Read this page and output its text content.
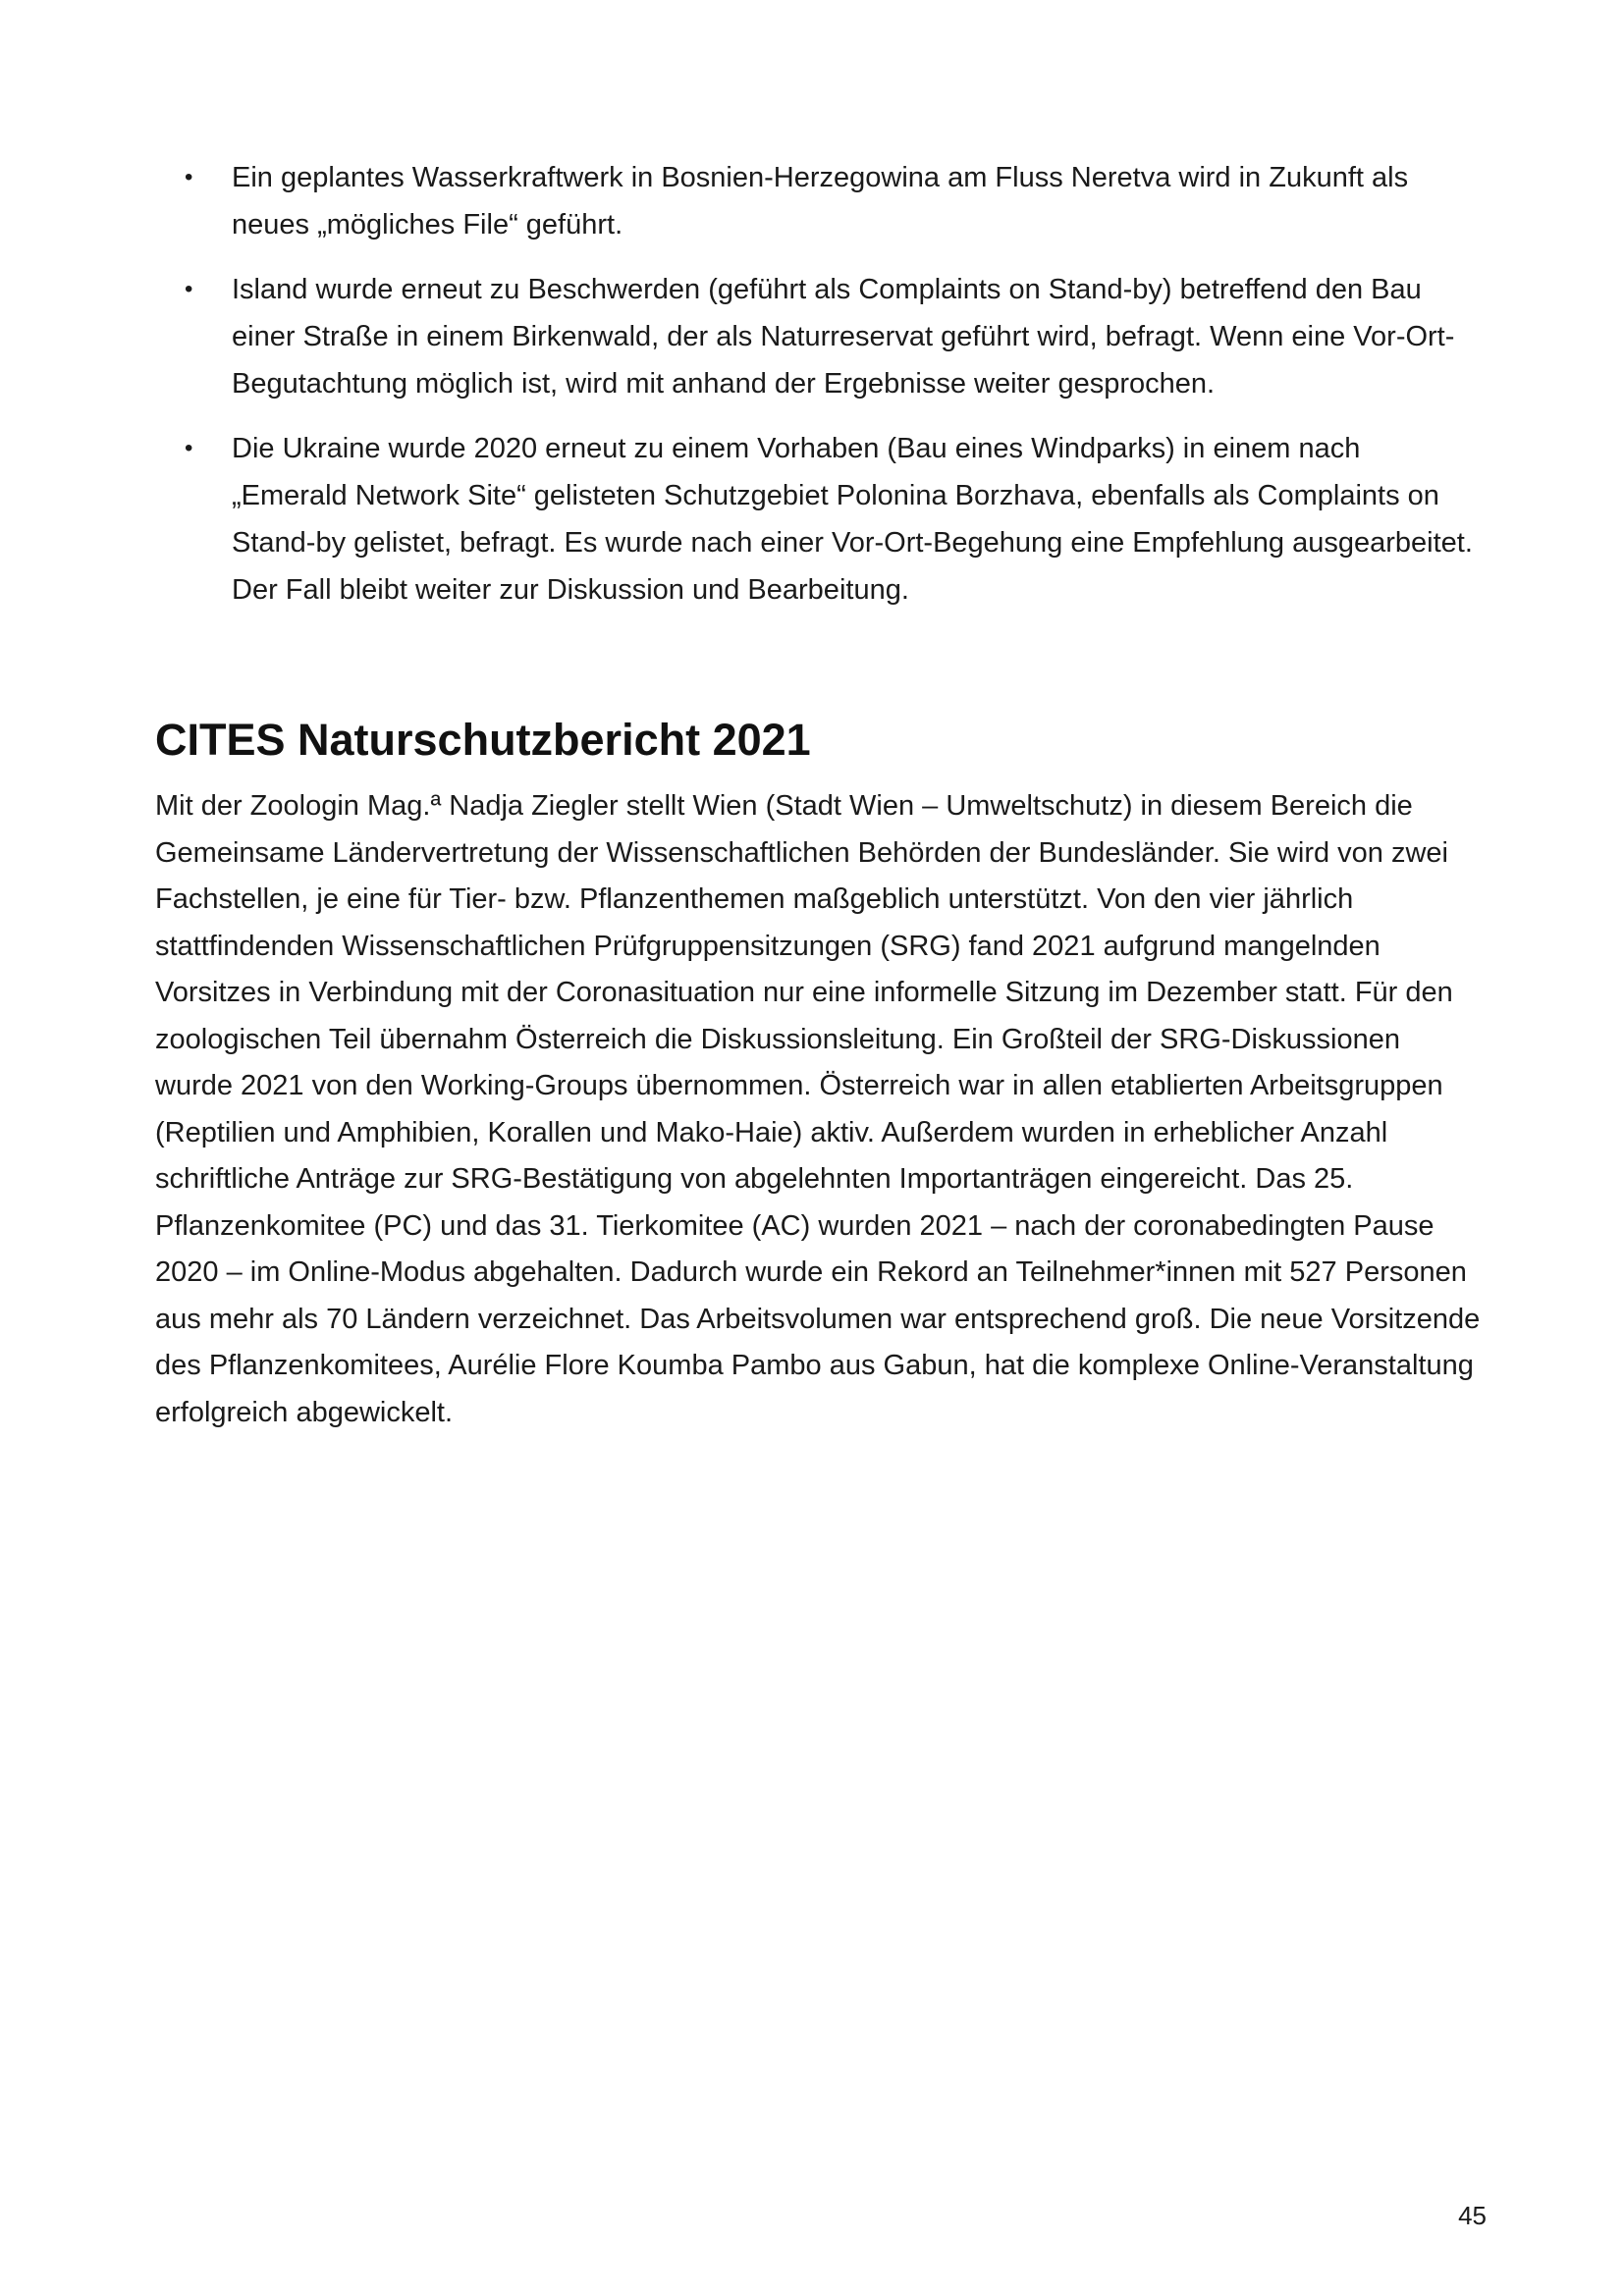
• Ein geplantes Wasserkraftwerk in Bosnien-Herzegowina am Fluss Neretva wird in Zukunft als neues „mögliches File“ geführt.
• Island wurde erneut zu Beschwerden (geführt als Complaints on Stand-by) betreffend den Bau einer Straße in einem Birkenwald, der als Naturreservat geführt wird, befragt. Wenn eine Vor-Ort-Begutachtung möglich ist, wird mit anhand der Ergebnisse weiter gesprochen.
• Die Ukraine wurde 2020 erneut zu einem Vorhaben (Bau eines Windparks) in einem nach „Emerald Network Site“ gelisteten Schutzgebiet Polonina Borzhava, ebenfalls als Complaints on Stand-by gelistet, befragt. Es wurde nach einer Vor-Ort-Begehung eine Empfehlung ausgearbeitet. Der Fall bleibt weiter zur Diskussion und Bearbeitung.
CITES Naturschutzbericht 2021

Mit der Zoologin Mag.ª Nadja Ziegler stellt Wien (Stadt Wien – Umweltschutz) in diesem Bereich die Gemeinsame Ländervertretung der Wissenschaftlichen Behörden der Bundesländer. Sie wird von zwei Fachstellen, je eine für Tier- bzw. Pflanzenthemen maßgeblich unterstützt. Von den vier jährlich stattfindenden Wissenschaftlichen Prüfgruppensitzungen (SRG) fand 2021 aufgrund mangelnden Vorsitzes in Verbindung mit der Coronasituation nur eine informelle Sitzung im Dezember statt. Für den zoologischen Teil übernahm Österreich die Diskussionsleitung. Ein Großteil der SRG-Diskussionen wurde 2021 von den Working-Groups übernommen. Österreich war in allen etablierten Arbeitsgruppen (Reptilien und Amphibien, Korallen und Mako-Haie) aktiv. Außerdem wurden in erheblicher Anzahl schriftliche Anträge zur SRG-Bestätigung von abgelehnten Importanträgen eingereicht. Das 25. Pflanzenkomitee (PC) und das 31. Tierkomitee (AC) wurden 2021 – nach der coronabedingten Pause 2020 – im Online-Modus abgehalten. Dadurch wurde ein Rekord an Teilnehmer*innen mit 527 Personen aus mehr als 70 Ländern verzeichnet. Das Arbeitsvolumen war entsprechend groß. Die neue Vorsitzende des Pflanzenkomitees, Aurélie Flore Koumba Pambo aus Gabun, hat die komplexe Online-Veranstaltung erfolgreich abgewickelt.

45
